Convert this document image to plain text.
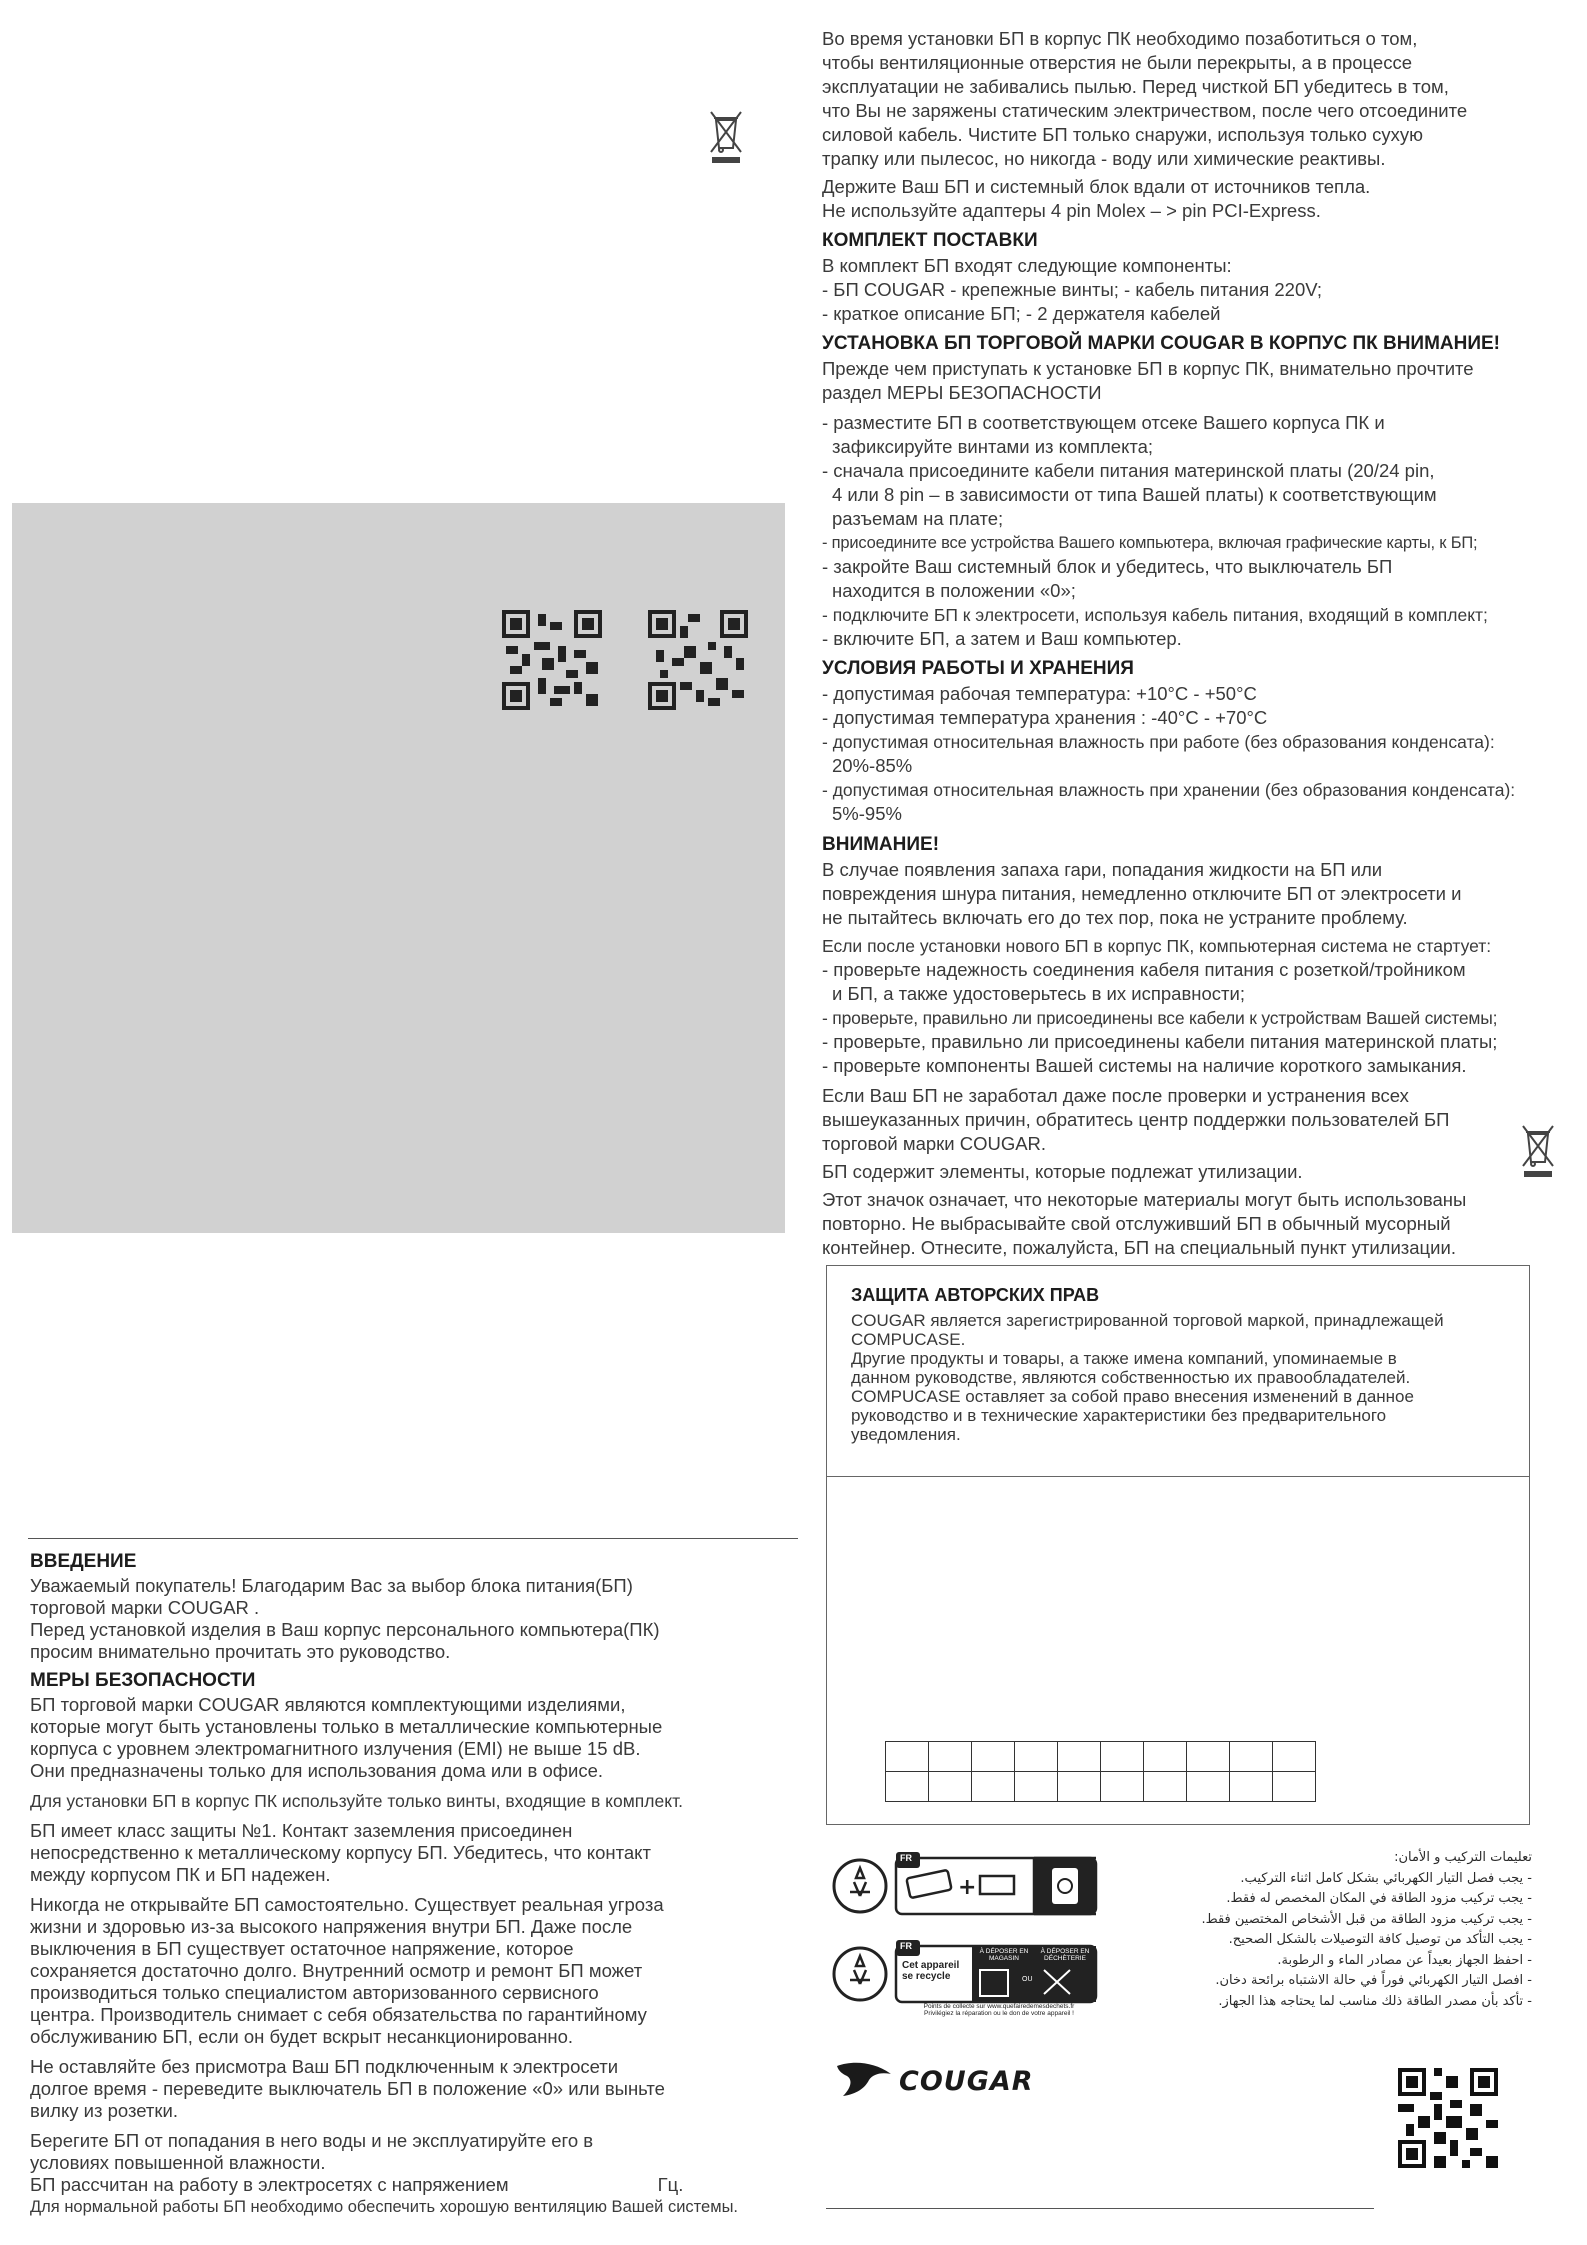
Во время установки БП в корпус ПК необходимо позаботиться о том,

чтобы вентиляционные отверстия не были перекрыты, а в процессе

эксплуатации не забивались пылью. Перед чисткой БП убедитесь в том,

что Вы не заряжены статическим электричеством, после чего отсоедините

силовой кабель. Чистите БП только снаружи, используя только сухую

трапку или пылесос, но никогда - воду или химические реактивы.

Держите Ваш БП и системный блок вдали от источников тепла.

Не используйте адаптеры 4 pin Molex – > pin PCI-Express.

КОМПЛЕКТ ПОСТАВКИ

В комплект БП входят следующие компоненты:

- БП COUGAR - крепежные винты; - кабель питания 220V;

- краткое описание БП; - 2 держателя кабелей

УСТАНОВКА БП ТОРГОВОЙ МАРКИ COUGAR В КОРПУС ПК ВНИМАНИЕ!

Прежде чем приступать к установке БП в корпус ПК, внимательно прочтите

раздел МЕРЫ БЕЗОПАСНОСТИ

- разместите БП в соответствующем отсеке Вашего корпуса ПК и

зафиксируйте винтами из комплекта;

- сначала присоедините кабели питания материнской платы (20/24 pin,

4 или 8 pin – в зависимости от типа Вашей платы) к соответствующим

разъемам на плате;

- присоедините все устройства Вашего компьютера, включая графические карты, к БП;

- закройте Ваш системный блок и убедитесь, что выключатель БП

находится в положении «0»;

- подключите БП к электросети, используя кабель питания, входящий в комплект;

- включите БП, а затем и Ваш компьютер.

УСЛОВИЯ РАБОТЫ И ХРАНЕНИЯ

- допустимая рабочая температура: +10°C - +50°C

- допустимая температура хранения : -40°C - +70°C

- допустимая относительная влажность при работе (без образования конденсата):

20%-85%

- допустимая относительная влажность при хранении (без образования конденсата):

5%-95%

ВНИМАНИЕ!

В случае появления запаха гари, попадания жидкости на БП или

повреждения шнура питания, немедленно отключите БП от электросети и

не пытайтесь включать его до тех пор, пока не устраните проблему.

Если после установки нового БП в корпус ПК, компьютерная система не стартует:

- проверьте надежность соединения кабеля питания с розеткой/тройником

и БП, а также удостоверьтесь в их исправности;

- проверьте, правильно ли присоединены все кабели к устройствам Вашей системы;

- проверьте, правильно ли присоединены кабели питания материнской платы;

- проверьте компоненты Вашей системы на наличие короткого замыкания.

Если Ваш БП не заработал даже после проверки и устранения всех

вышеуказанных причин, обратитесь центр поддержки пользователей БП

торговой марки COUGAR.

БП содержит элементы, которые подлежат утилизации.

Этот значок означает, что некоторые материалы могут быть использованы

повторно. Не выбрасывайте свой отслуживший БП в обычный мусорный

контейнер. Отнесите, пожалуйста, БП на специальный пункт утилизации.

ЗАЩИТА АВТОРСКИХ ПРАВ

COUGAR является зарегистрированной торговой маркой, принадлежащей

COMPUCASE.

Другие продукты и товары, а также имена компаний, упоминаемые в

данном руководстве, являются собственностью их правообладателей.

COMPUCASE оставляет за собой право внесения изменений в данное

руководство и в технические характеристики без предварительного

уведомления.

ВВЕДЕНИЕ

Уважаемый покупатель! Благодарим Вас за выбор блока питания(БП)

торговой марки COUGAR .

Перед установкой изделия в Ваш корпус персонального компьютера(ПК)

просим внимательно прочитать это руководство.

МЕРЫ БЕЗОПАСНОСТИ

БП торговой марки COUGAR являются комплектующими изделиями,

которые могут быть установлены только в металлические компьютерные

корпуса с уровнем электромагнитного излучения (EMI) не выше 15 dB.

Они предназначены только для использования дома или в офисе.

Для установки БП в корпус ПК используйте только винты, входящие в комплект.

БП имеет класс защиты №1. Контакт заземления присоединен

непосредственно к металлическому корпусу БП. Убедитесь, что контакт

между корпусом ПК и БП надежен.

Никогда не открывайте БП самостоятельно. Существует реальная угроза

жизни и здоровью из-за высокого напряжения внутри БП. Даже после

выключения в БП существует остаточное напряжение, которое

сохраняется достаточно долго. Внутренний осмотр и ремонт БП может

производиться только специалистом авторизованного сервисного

центра. Производитель снимает с себя обязательства по гарантийному

обслуживанию БП, если он будет вскрыт несанкционированно.

Не оставляйте без присмотра Ваш БП подключенным к электросети

долгое время - переведите выключатель БП в положение «0» или выньте

вилку из розетки.

Берегите БП от попадания в него воды и не эксплуатируйте его в

условиях повышенной влажности.

БП рассчитан на работу в электросетях с напряжением                             Гц.

Для нормальной работы БП необходимо обеспечить хорошую вентиляцию Вашей системы.

+
FR
FR
Cet appareil se recycle
À DÉPOSER EN MAGASIN
OU
À DÉPOSER EN DÉCHÈTERIE
Points de collecte sur www.quefairedemesdechets.fr
Privilégiez la réparation ou le don de votre appareil !
COUGAR
تعليمات التركيب و الأمان:
- يجب فصل التيار الكهربائي بشكل كامل اثناء التركيب.
- يجب تركيب مزود الطاقة في المكان المخصص له فقط.
- يجب تركيب مزود الطاقة من قبل الأشخاص المختصين فقط.
- يجب التأكد من توصيل كافة التوصيلات بالشكل الصحيح.
- احفظ الجهاز بعيداً عن مصادر الماء و الرطوبة.
- افصل التيار الكهربائي فوراً في حالة الاشتباه برائحة دخان.
- تأكد بأن مصدر الطاقة ذلك مناسب لما يحتاجه هذا الجهاز.
